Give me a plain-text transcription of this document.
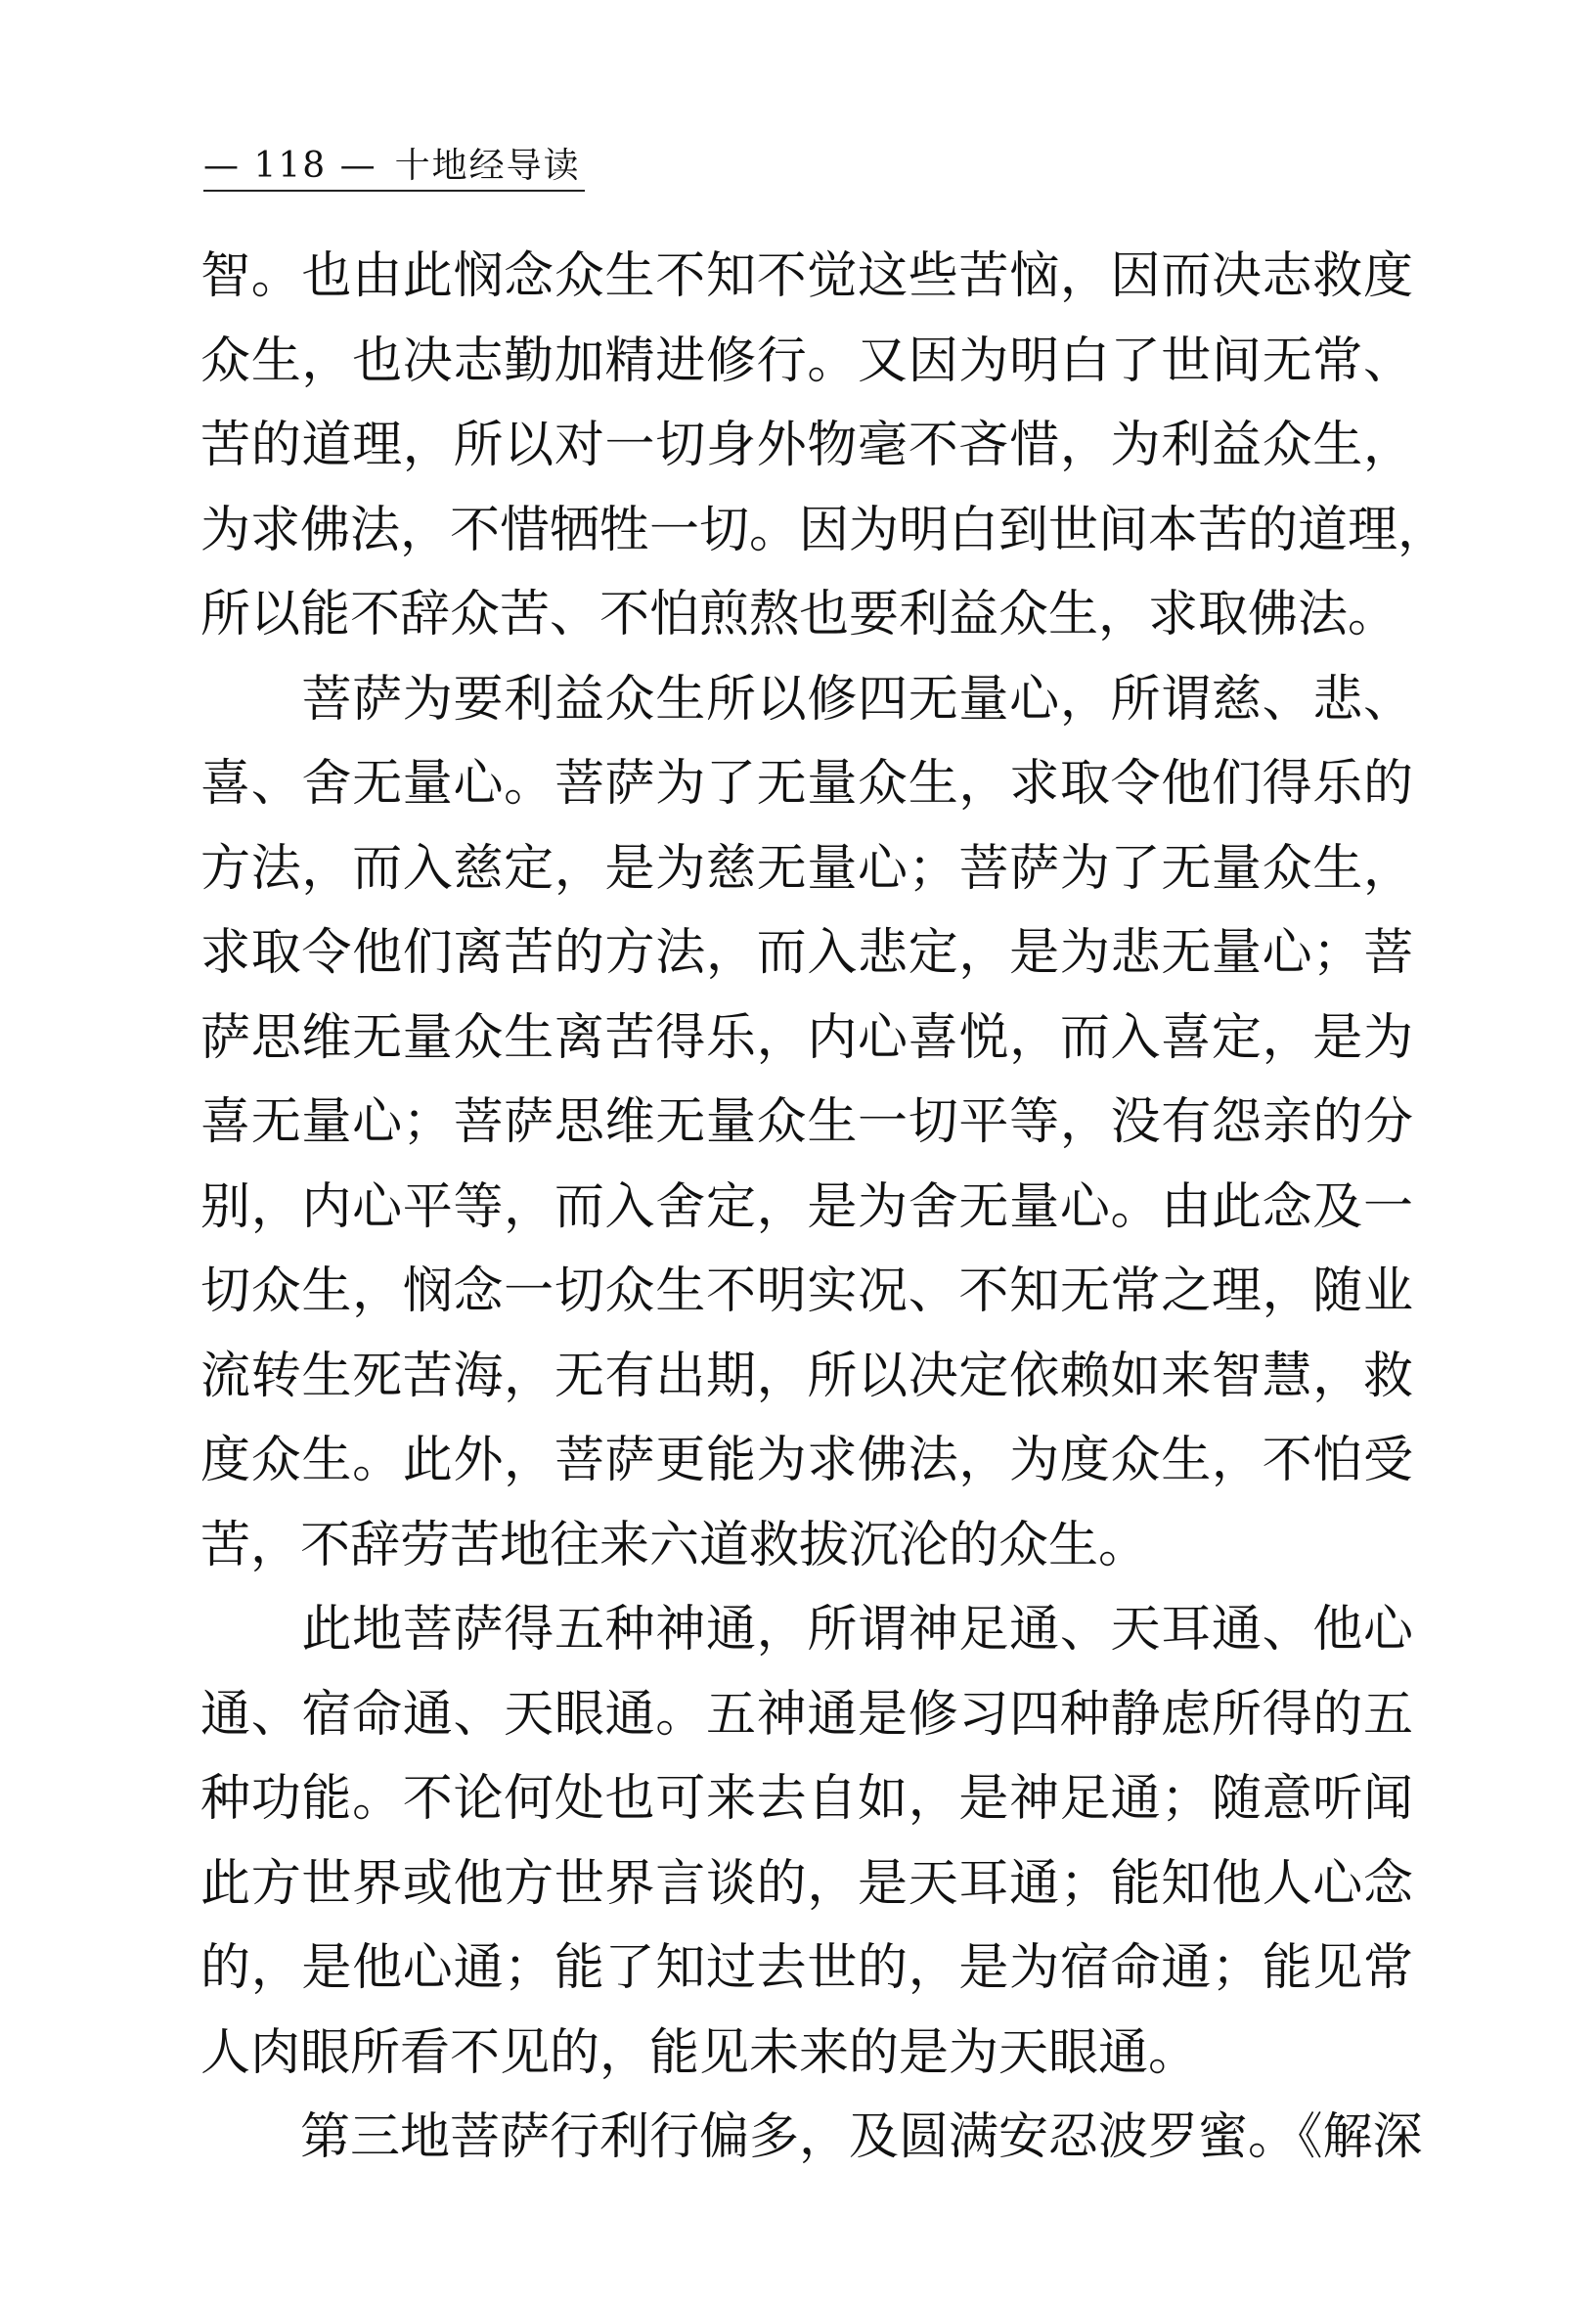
— 118 — 十地经导读
智。也由此悯念众生不知不觉这些苦恼，因而决志救度
众生，也决志勤加精进修行。又因为明白了世间无常、
苦的道理，所以对一切身外物毫不吝惜，为利益众生，
为求佛法，不惜牺牲一切。因为明白到世间本苦的道理，
所以能不辞众苦、不怕煎熬也要利益众生，求取佛法。
　　菩萨为要利益众生所以修四无量心，所谓慈、悲、
喜、舍无量心。菩萨为了无量众生，求取令他们得乐的
方法，而入慈定，是为慈无量心；菩萨为了无量众生，
求取令他们离苦的方法，而入悲定，是为悲无量心；菩
萨思维无量众生离苦得乐，内心喜悦，而入喜定，是为
喜无量心；菩萨思维无量众生一切平等，没有怨亲的分
别，内心平等，而入舍定，是为舍无量心。由此念及一
切众生，悯念一切众生不明实况、不知无常之理，随业
流转生死苦海，无有出期，所以决定依赖如来智慧，救
度众生。此外，菩萨更能为求佛法，为度众生，不怕受
苦，不辞劳苦地往来六道救拔沉沦的众生。
　　此地菩萨得五种神通，所谓神足通、天耳通、他心
通、宿命通、天眼通。五神通是修习四种静虑所得的五
种功能。不论何处也可来去自如，是神足通；随意听闻
此方世界或他方世界言谈的，是天耳通；能知他人心念
的，是他心通；能了知过去世的，是为宿命通；能见常
人肉眼所看不见的，能见未来的是为天眼通。
　　第三地菩萨行利行偏多，及圆满安忍波罗蜜。《解深
